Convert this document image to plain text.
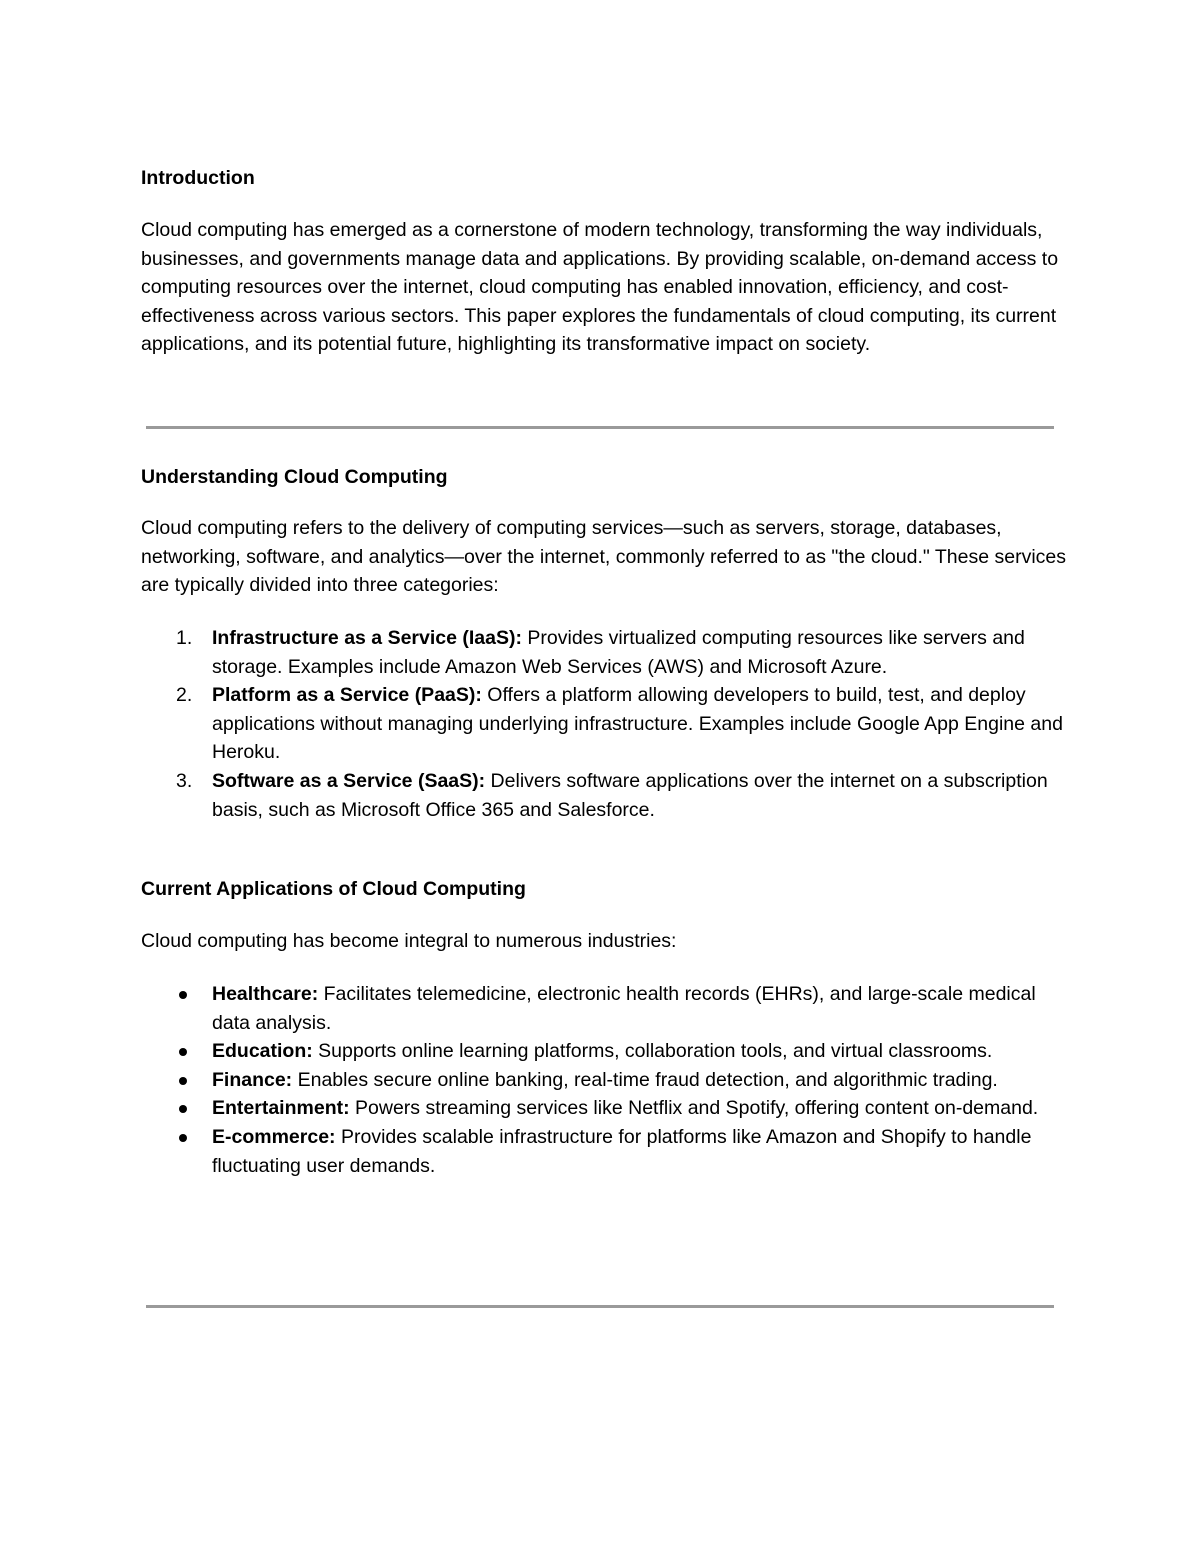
Introduction
Cloud computing has emerged as a cornerstone of modern technology, transforming the way individuals, businesses, and governments manage data and applications. By providing scalable, on-demand access to computing resources over the internet, cloud computing has enabled innovation, efficiency, and cost-effectiveness across various sectors. This paper explores the fundamentals of cloud computing, its current applications, and its potential future, highlighting its transformative impact on society.
Understanding Cloud Computing
Cloud computing refers to the delivery of computing services—such as servers, storage, databases, networking, software, and analytics—over the internet, commonly referred to as "the cloud." These services are typically divided into three categories:
1. Infrastructure as a Service (IaaS): Provides virtualized computing resources like servers and storage. Examples include Amazon Web Services (AWS) and Microsoft Azure.
2. Platform as a Service (PaaS): Offers a platform allowing developers to build, test, and deploy applications without managing underlying infrastructure. Examples include Google App Engine and Heroku.
3. Software as a Service (SaaS): Delivers software applications over the internet on a subscription basis, such as Microsoft Office 365 and Salesforce.
Current Applications of Cloud Computing
Cloud computing has become integral to numerous industries:
Healthcare: Facilitates telemedicine, electronic health records (EHRs), and large-scale medical data analysis.
Education: Supports online learning platforms, collaboration tools, and virtual classrooms.
Finance: Enables secure online banking, real-time fraud detection, and algorithmic trading.
Entertainment: Powers streaming services like Netflix and Spotify, offering content on-demand.
E-commerce: Provides scalable infrastructure for platforms like Amazon and Shopify to handle fluctuating user demands.
